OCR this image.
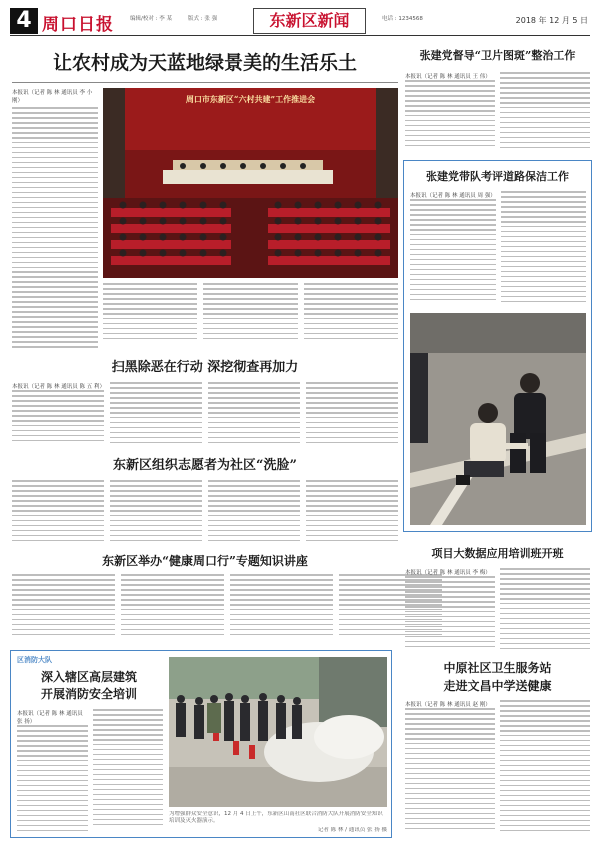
4 周口日报	编辑/校对 : 李 某	版式 : 张 强	东新区新闻	电话 : 1234568	2018 年 12 月 5 日
让农村成为天蓝地绿景美的生活乐土
本报讯（记者 陈 林 通讯员 李 小 刚）	周口市东新区“六村共建”工作推进会
张建党督导“卫片图斑”整治工作
本报讯（记者 陈 林 通讯员 王 伟）
张建党带队考评道路保洁工作
本报讯（记者 陈 林 通讯员 周 强）
扫黑除恶在行动 深挖彻查再加力
本报讯（记者 陈 林 通讯员 陈 五 利）
东新区组织志愿者为社区“洗脸”
东新区举办“健康周口行”专题知识讲座
项目大数据应用培训班开班
本报讯（记者 陈 林 通讯员 李 梅）
区消防大队
深入辖区高层建筑
开展消防安全培训
本报讯（记者 陈 林 通讯员 张 扬）
为增强群众安全意识，12 月 4 日上午，东新区山南社区联合消防大队开展消防安全知识培训及灭火器演示。
记者 陈 林 / 通讯员 张 扬 摄
中原社区卫生服务站
走进文昌中学送健康
本报讯（记者 陈 林 通讯员 赵 刚）
